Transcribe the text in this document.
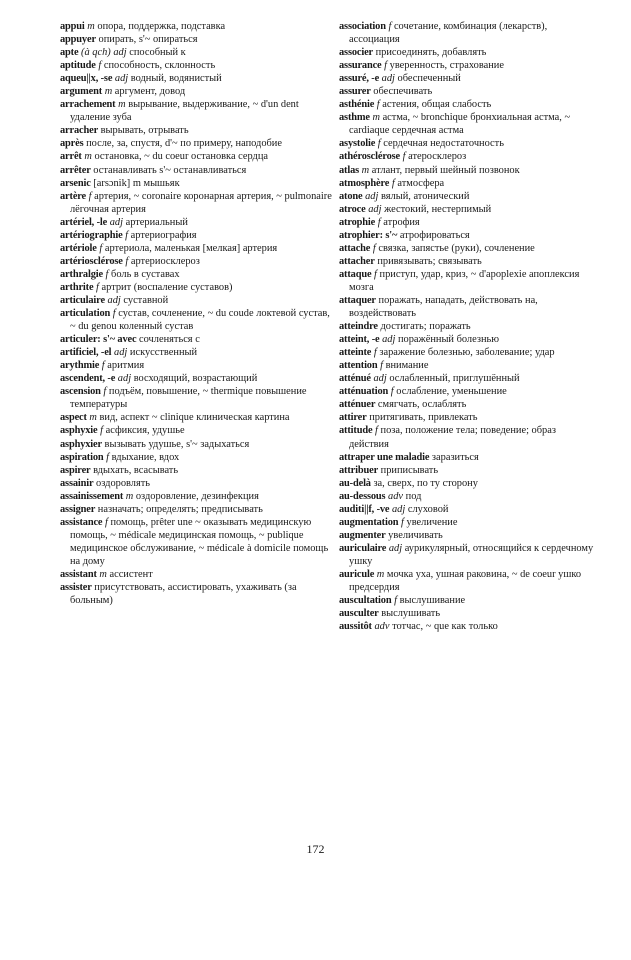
appui m опора, поддержка, подставка

appuyer опирать, s'~ опираться

apte (à qch) adj способный к

aptitude f способность, склонность

aqueu||x, -se adj водный, водянистый

argument m аргумент, довод

arrachement m вырывание, выдерживание, ~ d'un dent удаление зуба

arracher вырывать, отрывать

après после, за, спустя, d'~ по примеру, наподобие

arrêt m остановка, ~ du coeur остановка сердца

arrêter останавливать s'~ останавливаться

arsenic [arsɔnik] m мышьяк

artère f артерия, ~ coronaire коронарная артерия, ~ pulmonaire лёгочная артерия

artériel, -le adj артериальный

artériographie f артериография

artériole f артериола, маленькая [мелкая] артерия

artériosclérose f артериосклероз

arthralgie f боль в суставах

arthrite f артрит (воспаление суставов)

articulaire adj суставной

articulation f сустав, сочленение, ~ du coude локтевой сустав, ~ du genou коленный сустав

articuler: s'~ avec сочленяться с

artificiel, -el adj искусственный

arythmie f аритмия

ascendent, -e adj восходящий, возрастающий

ascension f подъём, повышение, ~ thermique повышение температуры

aspect m вид, аспект ~ clinique клиническая картина

asphyxie f асфиксия, удушье

asphyxier вызывать удушье, s'~ задыхаться

aspiration f вдыхание, вдох

aspirer вдыхать, всасывать

assainir оздоровлять

assainissement m оздоровление, дезинфекция

assigner назначать; определять; предписывать

assistance f помощь, prêter une ~ оказывать медицинскую помощь, ~ médicale медицинская помощь, ~ publique медицинское обслуживание, ~ médicale à domicile помощь на дому

assistant m ассистент

assister присутствовать, ассистировать, ухаживать (за больным)

association f сочетание, комбинация (лекарств), ассоциация

associer присоединять, добавлять

assurance f уверенность, страхование

assuré, -e adj обеспеченный

assurer обеспечивать

asthénie f астения, общая слабость

asthme m астма, ~ bronchique бронхиальная астма, ~ cardiaque сердечная астма

asystolie f сердечная недостаточность

athérosclérose f атеросклероз

atlas m атлант, первый шейный позвонок

atmosphère f атмосфера

atone adj вялый, атонический

atroce adj жестокий, нестерпимый

atrophie f атрофия

atrophier: s'~ атрофироваться

attache f связка, запястье (руки), сочленение

attacher привязывать; связывать

attaque f приступ, удар, криз, ~ d'apoplexie апоплексия мозга

attaquer поражать, нападать, действовать на, воздействовать

atteindre достигать; поражать

atteint, -e adj поражённый болезнью

atteinte f заражение болезнью, заболевание; удар

attention f внимание

atténué adj ослабленный, приглушённый

atténuation f ослабление, уменьшение

atténuer смягчать, ослаблять

attirer притягивать, привлекать

attitude f поза, положение тела; поведение; образ действия

attraper une maladie заразиться

attribuer приписывать

au-delà за, сверх, по ту сторону

au-dessous adv под

auditi||f, -ve adj слуховой

augmentation f увеличение

augmenter увеличивать

auriculaire adj аурикулярный, относящийся к сердечному ушку

auricule m мочка уха, ушная раковина, ~ de coeur ушко предсердия

auscultation f выслушивание

ausculter выслушивать

aussitôt adv тотчас, ~ que как только

172
